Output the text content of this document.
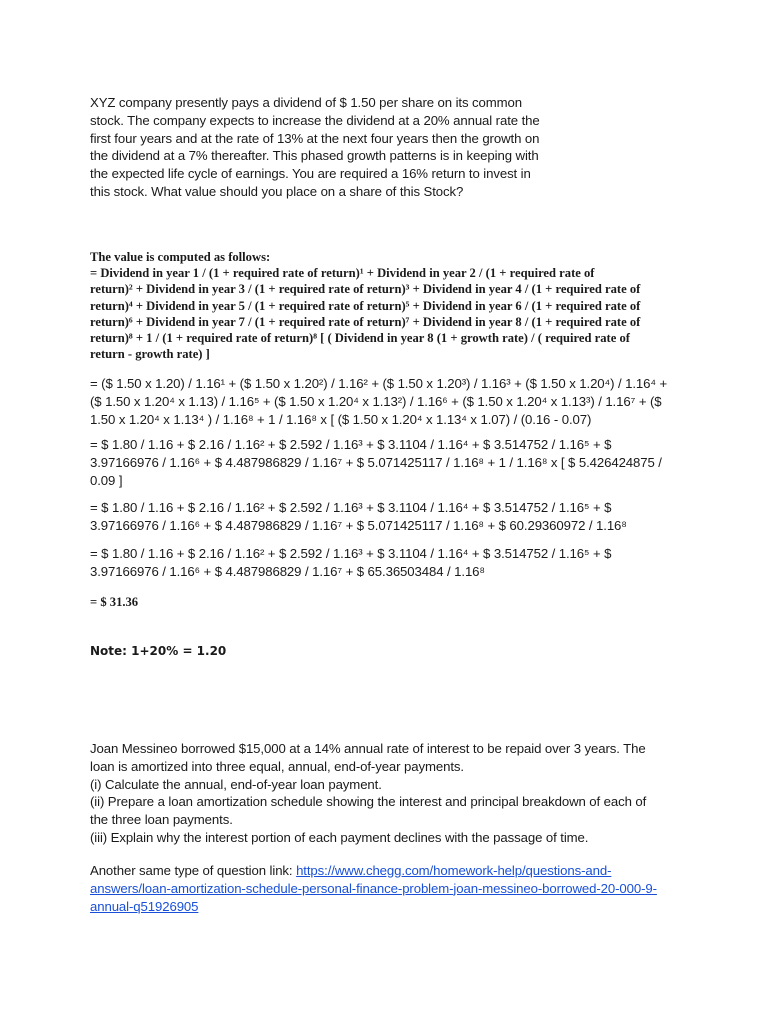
XYZ company presently pays a dividend of $ 1.50 per share on its common
stock. The company expects to increase the dividend at a 20% annual rate the
first four years and at the rate of 13% at the next four years then the growth on
the dividend at a 7% thereafter. This phased growth patterns is in keeping with
the expected life cycle of earnings. You are required a 16% return to invest in
this stock. What value should you place on a share of this Stock?
The value is computed as follows:
= Dividend in year 1 / (1 + required rate of return)¹ + Dividend in year 2 / (1 + required rate of
return)² + Dividend in year 3 / (1 + required rate of return)³ + Dividend in year 4 / (1 + required rate of
return)⁴ + Dividend in year 5 / (1 + required rate of return)⁵ + Dividend in year 6 / (1 + required rate of
return)⁶ + Dividend in year 7 / (1 + required rate of return)⁷ + Dividend in year 8 / (1 + required rate of
return)⁸ + 1 / (1 + required rate of return)⁸ [ ( Dividend in year 8 (1 + growth rate) / ( required rate of
return - growth rate) ]
= ($ 1.50 x 1.20) / 1.16¹ + ($ 1.50 x 1.20²) / 1.16² + ($ 1.50 x 1.20³) / 1.16³ + ($ 1.50 x 1.20⁴) / 1.16⁴ +
($ 1.50 x 1.20⁴ x 1.13) / 1.16⁵ + ($ 1.50 x 1.20⁴ x 1.13²) / 1.16⁶ + ($ 1.50 x 1.20⁴ x 1.13³) / 1.16⁷ + ($
1.50 x 1.20⁴ x 1.13⁴ ) / 1.16⁸ + 1 / 1.16⁸ x [ ($ 1.50 x 1.20⁴ x 1.13⁴ x 1.07) / (0.16 - 0.07)
= $ 1.80 / 1.16 + $ 2.16 / 1.16² + $ 2.592 / 1.16³ + $ 3.1104 / 1.16⁴ + $ 3.514752 / 1.16⁵ + $
3.97166976 / 1.16⁶ + $ 4.487986829 / 1.16⁷ + $ 5.071425117 / 1.16⁸ + 1 / 1.16⁸ x [ $ 5.426424875 /
0.09 ]
= $ 1.80 / 1.16 + $ 2.16 / 1.16² + $ 2.592 / 1.16³ + $ 3.1104 / 1.16⁴ + $ 3.514752 / 1.16⁵ + $
3.97166976 / 1.16⁶ + $ 4.487986829 / 1.16⁷ + $ 5.071425117 / 1.16⁸ + $ 60.29360972 / 1.16⁸
= $ 1.80 / 1.16 + $ 2.16 / 1.16² + $ 2.592 / 1.16³ + $ 3.1104 / 1.16⁴ + $ 3.514752 / 1.16⁵ + $
3.97166976 / 1.16⁶ + $ 4.487986829 / 1.16⁷ + $ 65.36503484 / 1.16⁸
= $ 31.36
Note: 1+20% = 1.20
Joan Messineo borrowed $15,000 at a 14% annual rate of interest to be repaid over 3 years. The
loan is amortized into three equal, annual, end-of-year payments.
(i) Calculate the annual, end-of-year loan payment.
(ii) Prepare a loan amortization schedule showing the interest and principal breakdown of each of
the three loan payments.
(iii) Explain why the interest portion of each payment declines with the passage of time.
Another same type of question link: https://www.chegg.com/homework-help/questions-and-
answers/loan-amortization-schedule-personal-finance-problem-joan-messineo-borrowed-20-000-9-
annual-q51926905
